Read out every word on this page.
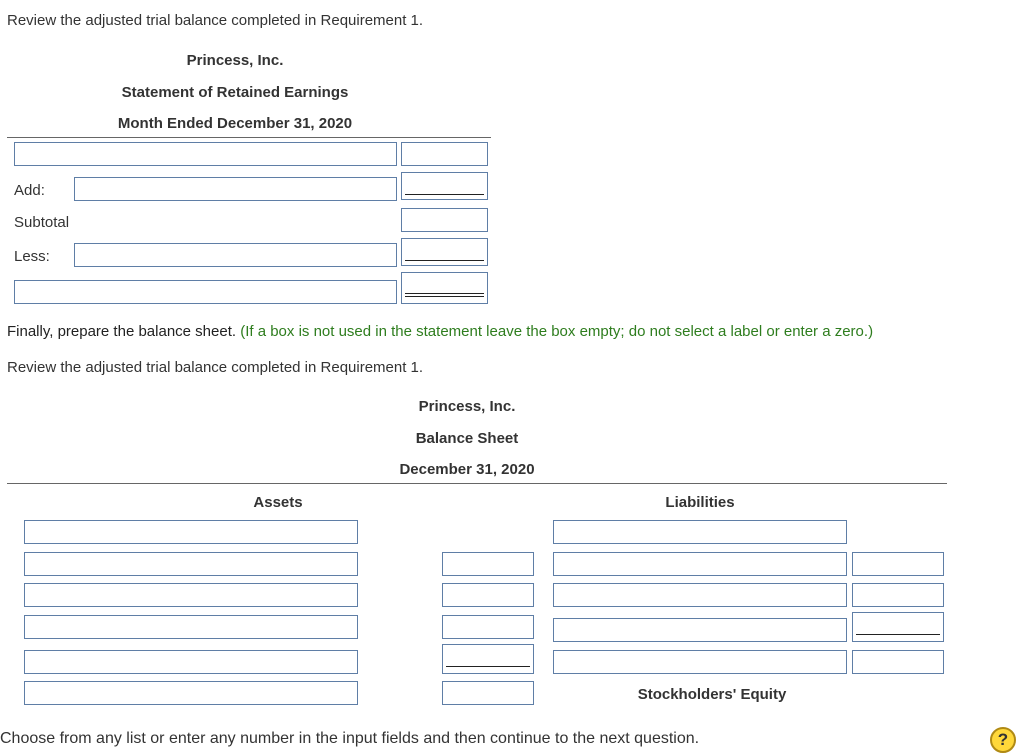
Review the adjusted trial balance completed in Requirement 1.
Princess, Inc.
Statement of Retained Earnings
Month Ended December 31, 2020
Add:
Subtotal
Less:
Finally, prepare the balance sheet. (If a box is not used in the statement leave the box empty; do not select a label or enter a zero.)
Review the adjusted trial balance completed in Requirement 1.
Princess, Inc.
Balance Sheet
December 31, 2020
Assets	Liabilities
Stockholders' Equity
Choose from any list or enter any number in the input fields and then continue to the next question.	?
